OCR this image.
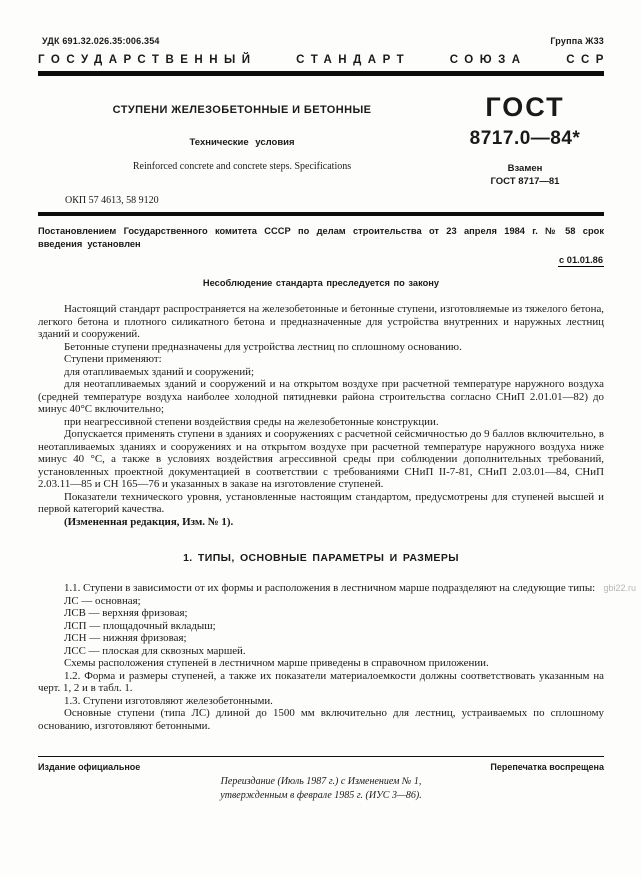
УДК 691.32.026.35:006.354	Группа Ж33
ГОСУДАРСТВЕННЫЙ	СТАНДАРТ	СОЮЗА	ССР
СТУПЕНИ ЖЕЛЕЗОБЕТОННЫЕ И БЕТОННЫЕ
Технические условия
Reinforced concrete and concrete steps. Specifications
ГОСТ
8717.0—84*
Взамен
ГОСТ 8717—81
ОКП 57 4613, 58 9120
Постановлением Государственного комитета СССР по делам строительства от 23 апреля 1984 г. № 58 срок введения установлен
с 01.01.86
Несоблюдение стандарта преследуется по закону

Настоящий стандарт распространяется на железобетонные и бетонные ступени, изготовляемые из тяжелого бетона, легкого бетона и плотного силикатного бетона и предназначенные для устройства внутренних и наружных лестниц зданий и сооружений.

Бетонные ступени предназначены для устройства лестниц по сплошному основанию.

Ступени применяют:

для отапливаемых зданий и сооружений;

для неотапливаемых зданий и сооружений и на открытом воздухе при расчетной температуре наружного воздуха (средней температуре воздуха наиболее холодной пятидневки района строительства согласно СНиП 2.01.01—82) до минус 40°С включительно;

при неагрессивной степени воздействия среды на железобетонные конструкции.

Допускается применять ступени в зданиях и сооружениях с расчетной сейсмичностью до 9 баллов включительно, в неотапливаемых зданиях и сооружениях и на открытом воздухе при расчетной температуре наружного воздуха ниже минус 40 °С, а также в условиях воздействия агрессивной среды при соблюдении дополнительных требований, установленных проектной документацией в соответствии с требованиями СНиП II-7-81, СНиП 2.03.01—84, СНиП 2.03.11—85 и СН 165—76 и указанных в заказе на изготовление ступеней.

Показатели технического уровня, установленные настоящим стандартом, предусмотрены для ступеней высшей и первой категорий качества.

(Измененная редакция, Изм. № 1).

1. ТИПЫ, ОСНОВНЫЕ ПАРАМЕТРЫ И РАЗМЕРЫ

1.1. Ступени в зависимости от их формы и расположения в лестничном марше подразделяют на следующие типы:

ЛС — основная;

ЛСВ — верхняя фризовая;

ЛСП — площадочный вкладыш;

ЛСН — нижняя фризовая;

ЛСС — плоская для сквозных маршей.

Схемы расположения ступеней в лестничном марше приведены в справочном приложении.

1.2. Форма и размеры ступеней, а также их показатели материалоемкости должны соответствовать указанным на черт. 1, 2 и в табл. 1.

1.3. Ступени изготовляют железобетонными.

Основные ступени (типа ЛС) длиной до 1500 мм включительно для лестниц, устраиваемых по сплошному основанию, изготовляют бетонными.

Издание официальное	Перепечатка воспрещена
Переиздание (Июль 1987 г.) с Изменением № 1,
утвержденным в феврале 1985 г. (ИУС 3—86).
gbi22.ru
